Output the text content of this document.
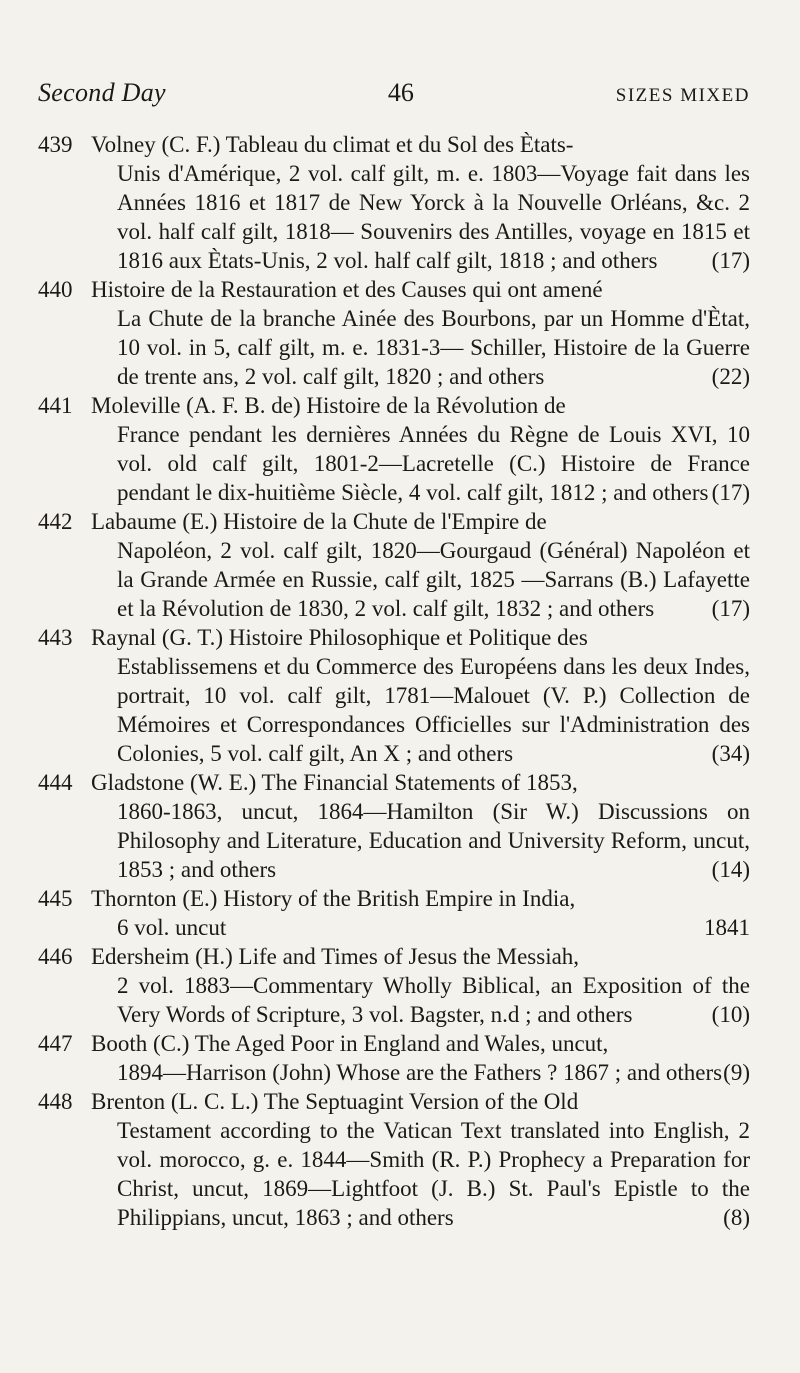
Second Day	46	SIZES MIXED
439 Volney (C. F.) Tableau du climat et du Sol des Ètats-
Unis d'Amérique, 2 vol. calf gilt, m. e. 1803—Voyage fait dans les Années 1816 et 1817 de New Yorck à la Nouvelle Orléans, &c. 2 vol. half calf gilt, 1818— Souvenirs des Antilles, voyage en 1815 et 1816 aux Ètats-Unis, 2 vol. half calf gilt, 1818 ; and others (17)
440 Histoire de la Restauration et des Causes qui ont amené
La Chute de la branche Ainée des Bourbons, par un Homme d'Ètat, 10 vol. in 5, calf gilt, m. e. 1831-3— Schiller, Histoire de la Guerre de trente ans, 2 vol. calf gilt, 1820 ; and others	(22)
441 Moleville (A. F. B. de) Histoire de la Révolution de
France pendant les dernières Années du Règne de Louis XVI, 10 vol. old calf gilt, 1801-2—Lacretelle (C.) Histoire de France pendant le dix-huitième Siècle, 4 vol. calf gilt, 1812 ; and others (17)
442 Labaume (E.) Histoire de la Chute de l'Empire de
Napoléon, 2 vol. calf gilt, 1820—Gourgaud (Général) Napoléon et la Grande Armée en Russie, calf gilt, 1825 —Sarrans (B.) Lafayette et la Révolution de 1830, 2 vol. calf gilt, 1832 ; and others (17)
443 Raynal (G. T.) Histoire Philosophique et Politique des
Establissemens et du Commerce des Européens dans les deux Indes, portrait, 10 vol. calf gilt, 1781—Malouet (V. P.) Collection de Mémoires et Correspondances Officielles sur l'Administration des Colonies, 5 vol. calf gilt, An X ; and others	(34)
444 Gladstone (W. E.) The Financial Statements of 1853,
1860-1863, uncut, 1864—Hamilton (Sir W.) Discussions on Philosophy and Literature, Education and University Reform, uncut, 1853 ; and others	(14)
445 Thornton (E.) History of the British Empire in India,
6 vol. uncut	1841
446 Edersheim (H.) Life and Times of Jesus the Messiah,
2 vol. 1883—Commentary Wholly Biblical, an Exposition of the Very Words of Scripture, 3 vol. Bagster, n.d ; and others	(10)
447 Booth (C.) The Aged Poor in England and Wales, uncut,
1894—Harrison (John) Whose are the Fathers ? 1867 ; and others (9)
448 Brenton (L. C. L.) The Septuagint Version of the Old
Testament according to the Vatican Text translated into English, 2 vol. morocco, g. e. 1844—Smith (R. P.) Prophecy a Preparation for Christ, uncut, 1869—Lightfoot (J. B.) St. Paul's Epistle to the Philippians, uncut, 1863 ; and others	(8)
